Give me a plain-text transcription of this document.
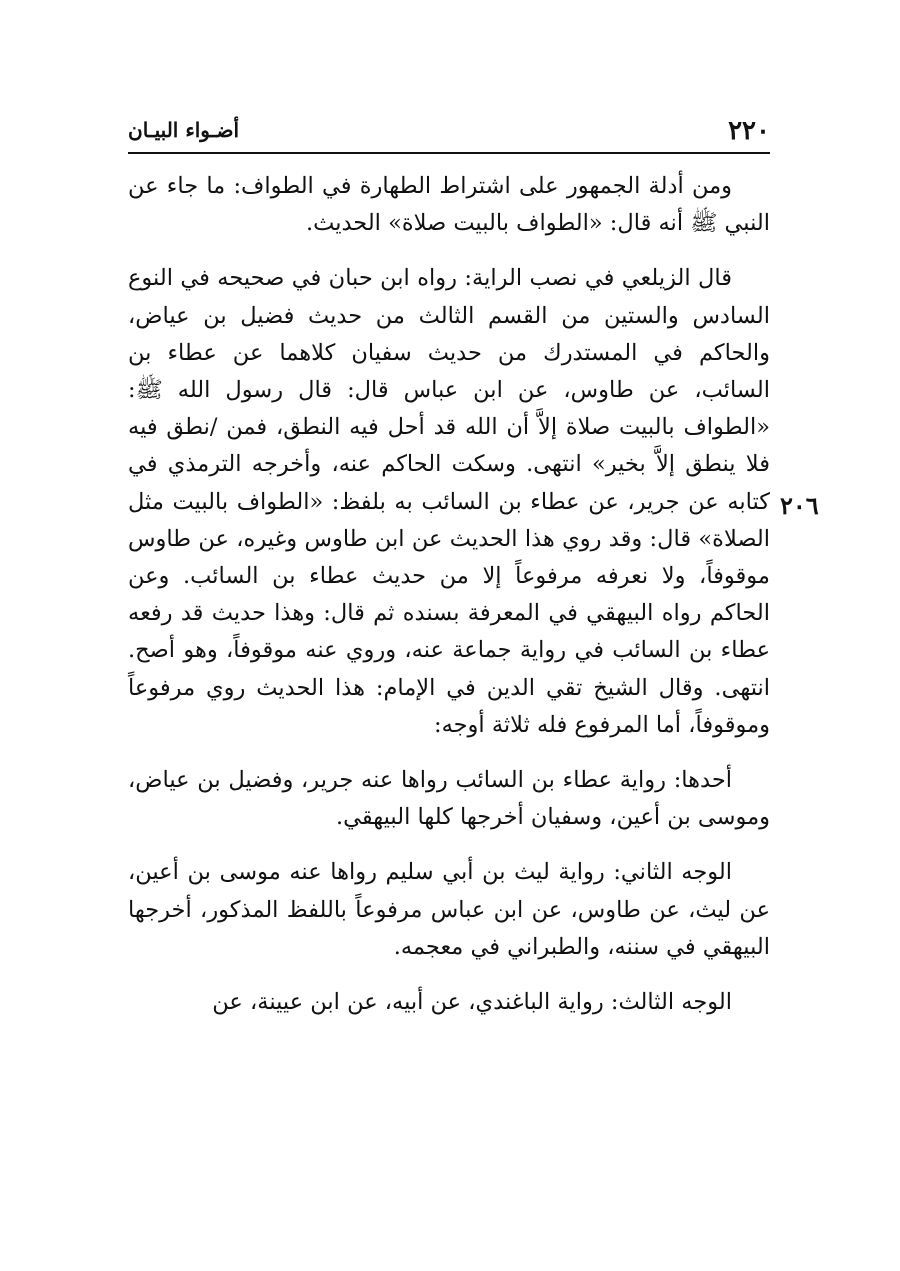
٢٢٠
أضـواء البيـان
٢٠٦

ومن أدلة الجمهور على اشتراط الطهارة في الطواف: ما جاء عن النبي ﷺ أنه قال: «الطواف بالبيت صلاة» الحديث.

قال الزيلعي في نصب الراية: رواه ابن حبان في صحيحه في النوع السادس والستين من القسم الثالث من حديث فضيل بن عياض، والحاكم في المستدرك من حديث سفيان كلاهما عن عطاء بن السائب، عن طاوس، عن ابن عباس قال: قال رسول الله ﷺ: «الطواف بالبيت صلاة إلاَّ أن الله قد أحل فيه النطق، فمن /نطق فيه فلا ينطق إلاَّ بخير» انتهى. وسكت الحاكم عنه، وأخرجه الترمذي في كتابه عن جرير، عن عطاء بن السائب به بلفظ: «الطواف بالبيت مثل الصلاة» قال: وقد روي هذا الحديث عن ابن طاوس وغيره، عن طاوس موقوفاً، ولا نعرفه مرفوعاً إلا من حديث عطاء بن السائب. وعن الحاكم رواه البيهقي في المعرفة بسنده ثم قال: وهذا حديث قد رفعه عطاء بن السائب في رواية جماعة عنه، وروي عنه موقوفاً، وهو أصح. انتهى. وقال الشيخ تقي الدين في الإمام: هذا الحديث روي مرفوعاً وموقوفاً، أما المرفوع فله ثلاثة أوجه:

أحدها: رواية عطاء بن السائب رواها عنه جرير، وفضيل بن عياض، وموسى بن أعين، وسفيان أخرجها كلها البيهقي.

الوجه الثاني: رواية ليث بن أبي سليم رواها عنه موسى بن أعين، عن ليث، عن طاوس، عن ابن عباس مرفوعاً باللفظ المذكور، أخرجها البيهقي في سننه، والطبراني في معجمه.

الوجه الثالث: رواية الباغندي، عن أبيه، عن ابن عيينة، عن
